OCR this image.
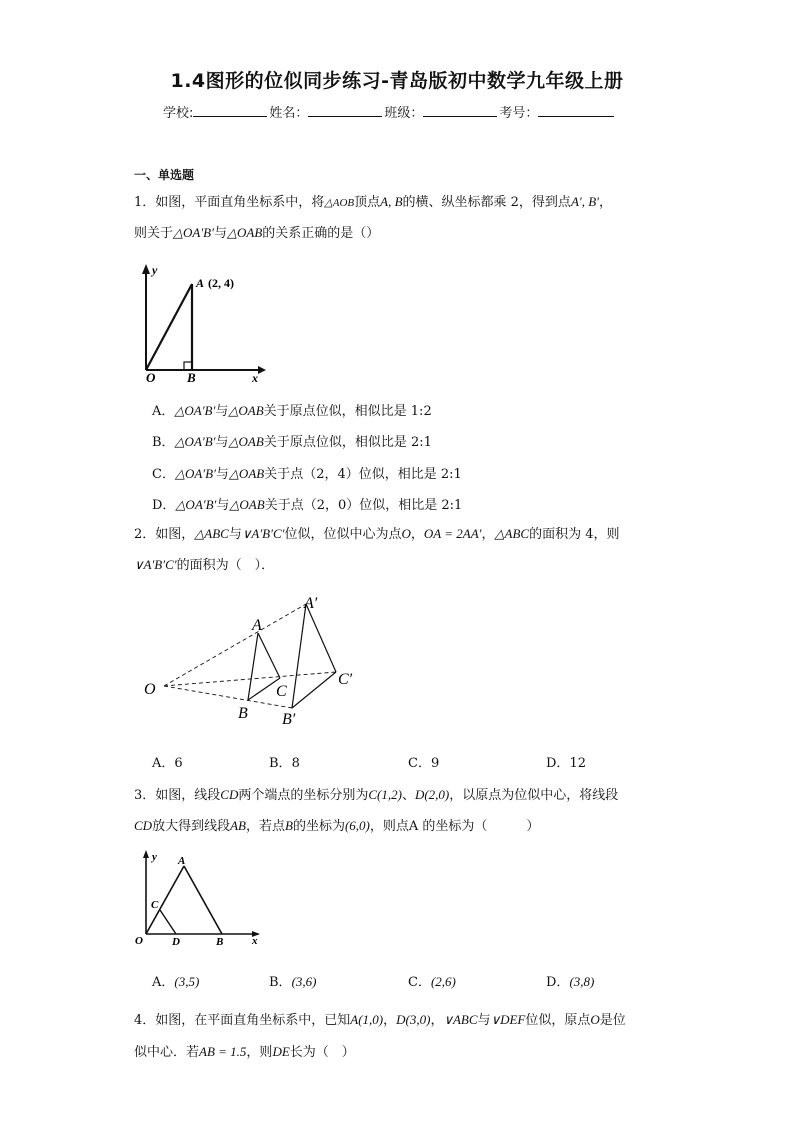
1.4图形的位似同步练习-青岛版初中数学九年级上册
学校:	姓名：	班级：	考号：
一、单选题
1．如图，平面直角坐标系中，将△AOB顶点A, B的横、纵坐标都乘 2，得到点A′, B′，
则关于△OA′B′与△OAB的关系正确的是（）
y
A (2, 4)
O B	x
A．△OA′B′与△OAB关于原点位似，相似比是 1:2
B．△OA′B′与△OAB关于原点位似，相似比是 2:1
C．△OA′B′与△OAB关于点（2，4）位似，相比是 2:1
D．△OA′B′与△OAB关于点（2，0）位似，相比是 2:1
2．如图，△ABC与∨A′B′C′位似，位似中心为点O，OA = 2AA′，△ABC的面积为 4，则
∨A′B′C′的面积为（　）．
O
A
B
C
A′
B′
C′
A．6	B．8	C．9	D．12
3．如图，线段CD两个端点的坐标分别为C(1,2)、D(2,0)，以原点为位似中心，将线段
CD放大得到线段AB，若点B的坐标为(6,0)，则点A 的坐标为（　　　）
y A
C
O	D	B	x
A．(3,5)	B．(3,6)	C．(2,6)	D．(3,8)
4．如图，在平面直角坐标系中，已知A(1,0)，D(3,0)，∨ABC与∨DEF位似，原点O是位
似中心．若AB = 1.5，则DE长为（　）
